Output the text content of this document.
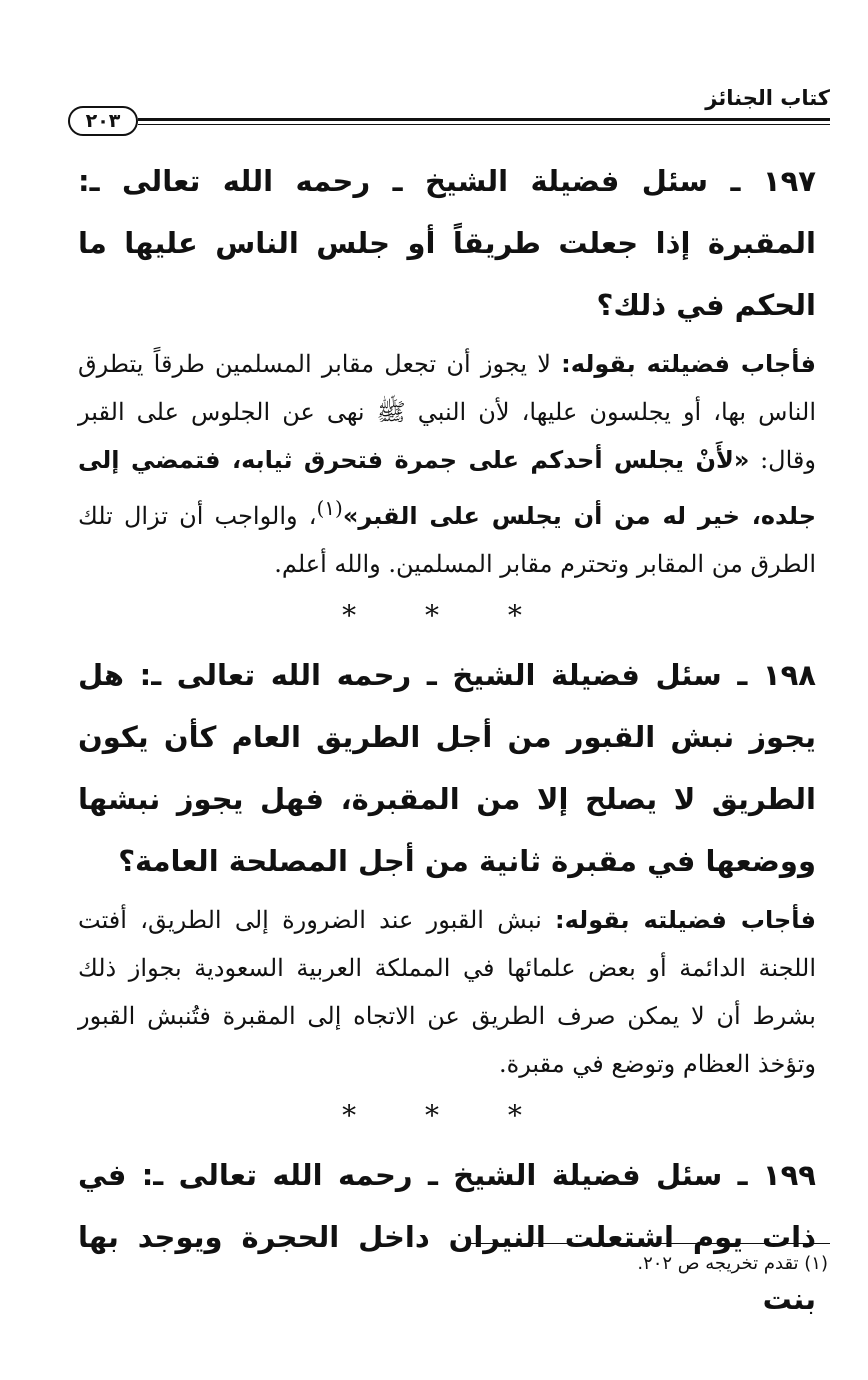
كتاب الجنائز
٢٠٣

١٩٧ ـ سئل فضيلة الشيخ ـ رحمه الله تعالى ـ: المقبرة إذا جعلت طريقاً أو جلس الناس عليها ما الحكم في ذلك؟

فأجاب فضيلته بقوله: لا يجوز أن تجعل مقابر المسلمين طرقاً يتطرق الناس بها، أو يجلسون عليها، لأن النبي ﷺ نهى عن الجلوس على القبر وقال: «لأَنْ يجلس أحدكم على جمرة فتحرق ثيابه، فتمضي إلى جلده، خير له من أن يجلس على القبر»$^{(١)}$، والواجب أن تزال تلك الطرق من المقابر وتحترم مقابر المسلمين. والله أعلم.

* * *

١٩٨ ـ سئل فضيلة الشيخ ـ رحمه الله تعالى ـ: هل يجوز نبش القبور من أجل الطريق العام كأن يكون الطريق لا يصلح إلا من المقبرة، فهل يجوز نبشها ووضعها في مقبرة ثانية من أجل المصلحة العامة؟

فأجاب فضيلته بقوله: نبش القبور عند الضرورة إلى الطريق، أفتت اللجنة الدائمة أو بعض علمائها في المملكة العربية السعودية بجواز ذلك بشرط أن لا يمكن صرف الطريق عن الاتجاه إلى المقبرة فتُنبش القبور وتؤخذ العظام وتوضع في مقبرة.

* * *

١٩٩ ـ سئل فضيلة الشيخ ـ رحمه الله تعالى ـ: في ذات يوم اشتعلت النيران داخل الحجرة ويوجد بها بنت

(١) تقدم تخريجه ص ٢٠٢.
